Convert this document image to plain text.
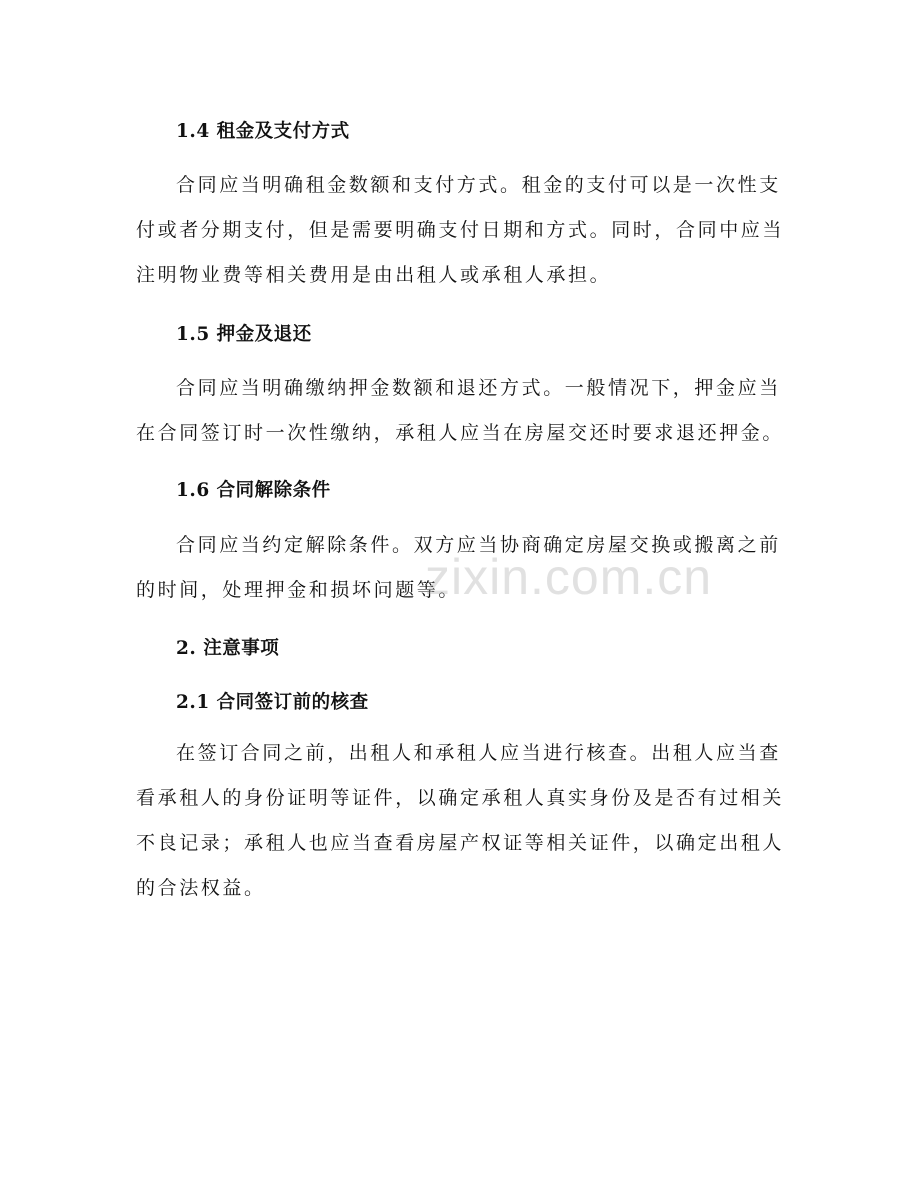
1.4 租金及支付方式
合同应当明确租金数额和支付方式。租金的支付可以是一次性支
付或者分期支付，但是需要明确支付日期和方式。同时，合同中应当
注明物业费等相关费用是由出租人或承租人承担。
1.5 押金及退还
合同应当明确缴纳押金数额和退还方式。一般情况下，押金应当
在合同签订时一次性缴纳，承租人应当在房屋交还时要求退还押金。
1.6 合同解除条件
合同应当约定解除条件。双方应当协商确定房屋交换或搬离之前
的时间，处理押金和损坏问题等。
2. 注意事项
2.1 合同签订前的核查
在签订合同之前，出租人和承租人应当进行核查。出租人应当查
看承租人的身份证明等证件，以确定承租人真实身份及是否有过相关
不良记录；承租人也应当查看房屋产权证等相关证件，以确定出租人
的合法权益。
zixin.com.cn
